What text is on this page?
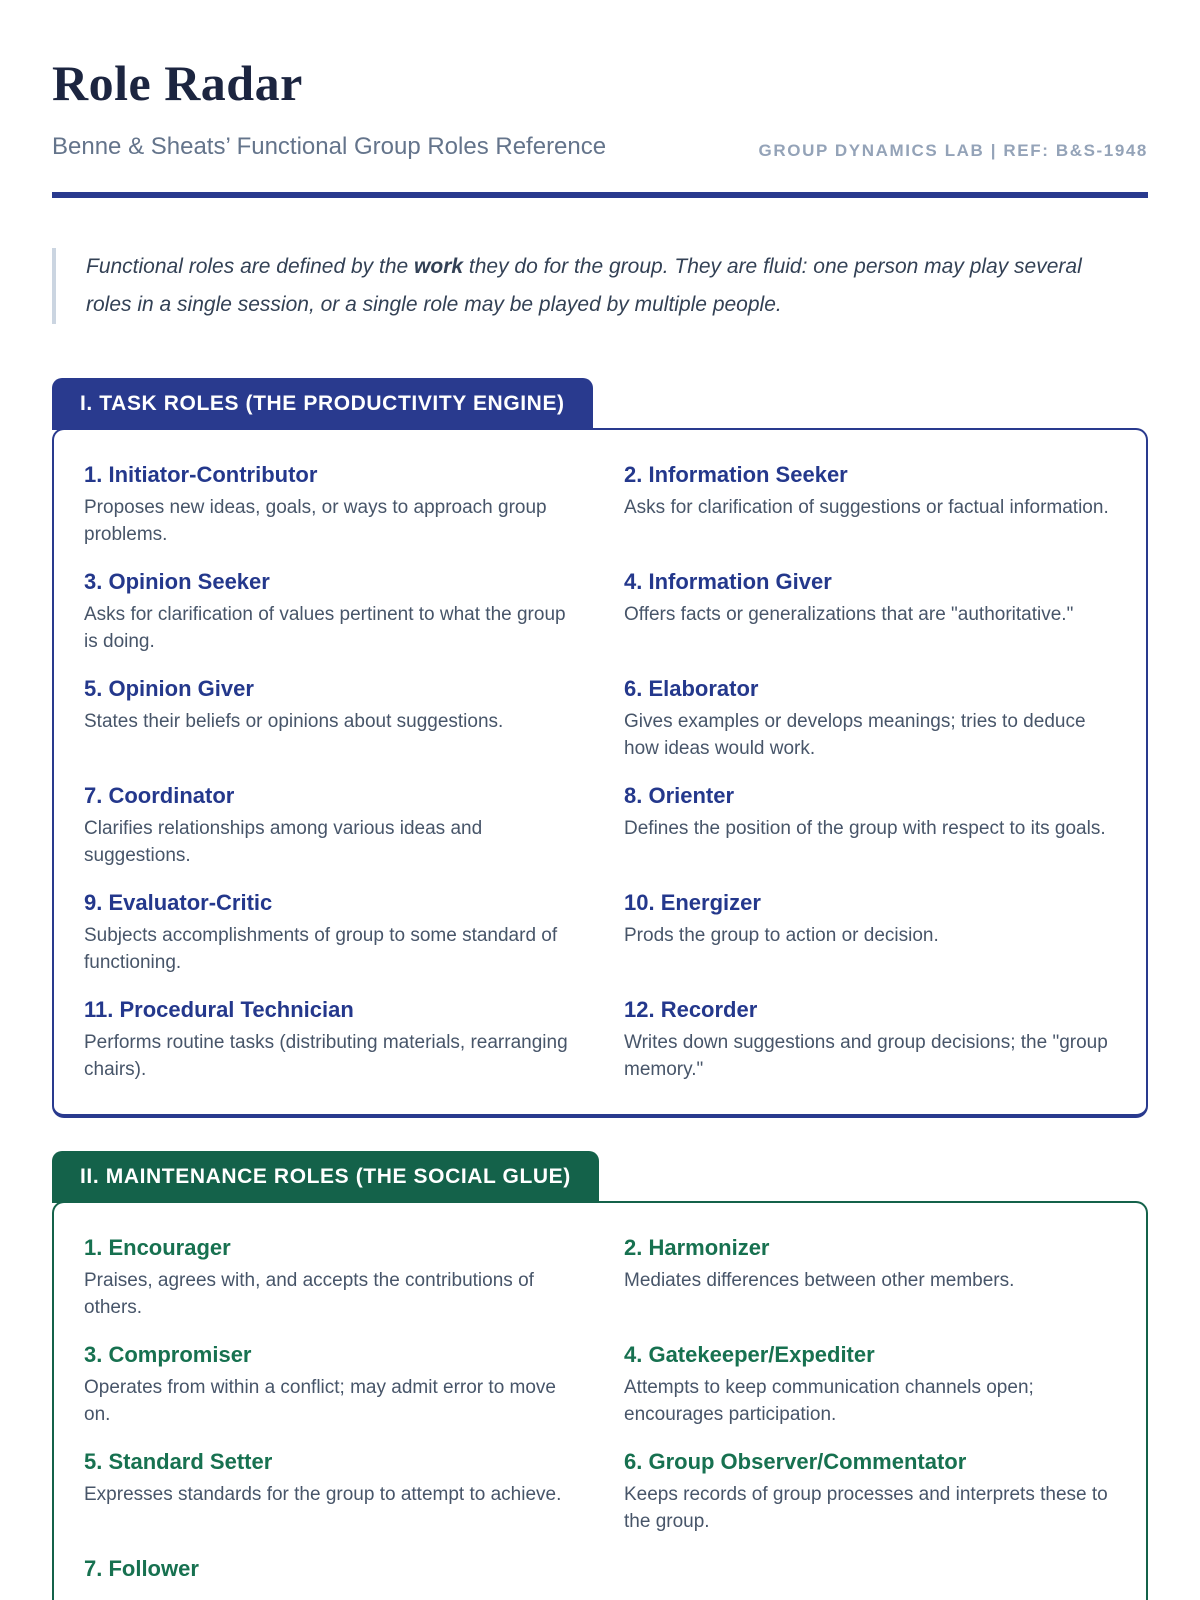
Role Radar
Benne & Sheats’ Functional Group Roles Reference	GROUP DYNAMICS LAB | REF: B&S-1948
Functional roles are defined by the work they do for the group. They are fluid: one person may play several roles in a single session, or a single role may be played by multiple people.
I. TASK ROLES (THE PRODUCTIVITY ENGINE)
1. Initiator-Contributor
Proposes new ideas, goals, or ways to approach group problems.
2. Information Seeker
Asks for clarification of suggestions or factual information.
3. Opinion Seeker
Asks for clarification of values pertinent to what the group is doing.
4. Information Giver
Offers facts or generalizations that are "authoritative."
5. Opinion Giver
States their beliefs or opinions about suggestions.
6. Elaborator
Gives examples or develops meanings; tries to deduce how ideas would work.
7. Coordinator
Clarifies relationships among various ideas and suggestions.
8. Orienter
Defines the position of the group with respect to its goals.
9. Evaluator-Critic
Subjects accomplishments of group to some standard of functioning.
10. Energizer
Prods the group to action or decision.
11. Procedural Technician
Performs routine tasks (distributing materials, rearranging chairs).
12. Recorder
Writes down suggestions and group decisions; the "group memory."
II. MAINTENANCE ROLES (THE SOCIAL GLUE)
1. Encourager
Praises, agrees with, and accepts the contributions of others.
2. Harmonizer
Mediates differences between other members.
3. Compromiser
Operates from within a conflict; may admit error to move on.
4. Gatekeeper/Expediter
Attempts to keep communication channels open; encourages participation.
5. Standard Setter
Expresses standards for the group to attempt to achieve.
6. Group Observer/Commentator
Keeps records of group processes and interprets these to the group.
7. Follower
